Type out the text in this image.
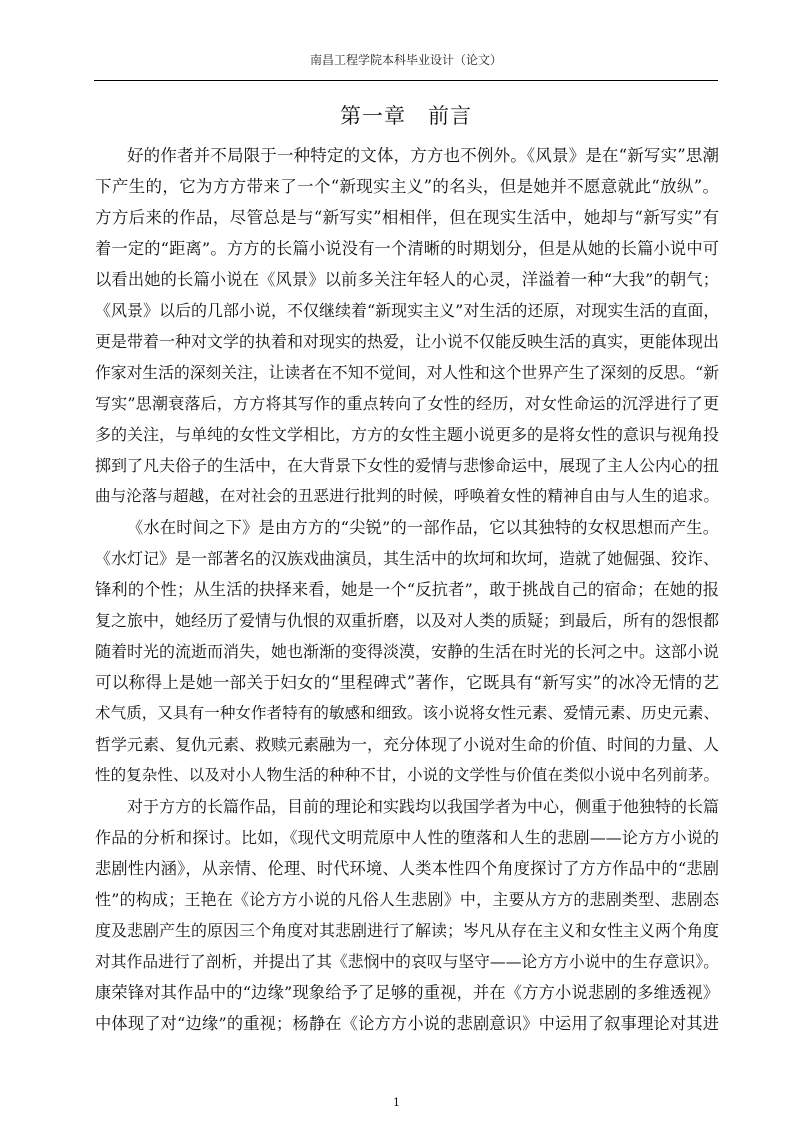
南昌工程学院本科毕业设计（论文）
第一章　前言
好的作者并不局限于一种特定的文体，方方也不例外。《风景》是在“新写实”思潮
下产生的，它为方方带来了一个“新现实主义”的名头，但是她并不愿意就此“放纵”。
方方后来的作品，尽管总是与“新写实”相相伴，但在现实生活中，她却与“新写实”有
着一定的“距离”。方方的长篇小说没有一个清晰的时期划分，但是从她的长篇小说中可
以看出她的长篇小说在《风景》以前多关注年轻人的心灵，洋溢着一种“大我”的朝气；
《风景》以后的几部小说，不仅继续着“新现实主义”对生活的还原，对现实生活的直面，
更是带着一种对文学的执着和对现实的热爱，让小说不仅能反映生活的真实，更能体现出
作家对生活的深刻关注，让读者在不知不觉间，对人性和这个世界产生了深刻的反思。“新
写实”思潮衰落后，方方将其写作的重点转向了女性的经历，对女性命运的沉浮进行了更
多的关注，与单纯的女性文学相比，方方的女性主题小说更多的是将女性的意识与视角投
掷到了凡夫俗子的生活中，在大背景下女性的爱情与悲惨命运中，展现了主人公内心的扭
曲与沦落与超越，在对社会的丑恶进行批判的时候，呼唤着女性的精神自由与人生的追求。
《水在时间之下》是由方方的“尖锐”的一部作品，它以其独特的女权思想而产生。
《水灯记》是一部著名的汉族戏曲演员，其生活中的坎坷和坎坷，造就了她倔强、狡诈、
锋利的个性；从生活的抉择来看，她是一个“反抗者”，敢于挑战自己的宿命；在她的报
复之旅中，她经历了爱情与仇恨的双重折磨，以及对人类的质疑；到最后，所有的怨恨都
随着时光的流逝而消失，她也渐渐的变得淡漠，安静的生活在时光的长河之中。这部小说
可以称得上是她一部关于妇女的“里程碑式”著作，它既具有“新写实”的冰冷无情的艺
术气质，又具有一种女作者特有的敏感和细致。该小说将女性元素、爱情元素、历史元素、
哲学元素、复仇元素、救赎元素融为一，充分体现了小说对生命的价值、时间的力量、人
性的复杂性、以及对小人物生活的种种不甘，小说的文学性与价值在类似小说中名列前茅。
对于方方的长篇作品，目前的理论和实践均以我国学者为中心，侧重于他独特的长篇
作品的分析和探讨。比如，《现代文明荒原中人性的堕落和人生的悲剧——论方方小说的
悲剧性内涵》，从亲情、伦理、时代环境、人类本性四个角度探讨了方方作品中的“悲剧
性”的构成；王艳在《论方方小说的凡俗人生悲剧》中，主要从方方的悲剧类型、悲剧态
度及悲剧产生的原因三个角度对其悲剧进行了解读；岑凡从存在主义和女性主义两个角度
对其作品进行了剖析，并提出了其《悲悯中的哀叹与坚守——论方方小说中的生存意识》。
康荣锋对其作品中的“边缘”现象给予了足够的重视，并在《方方小说悲剧的多维透视》
中体现了对“边缘”的重视；杨静在《论方方小说的悲剧意识》中运用了叙事理论对其进
1
